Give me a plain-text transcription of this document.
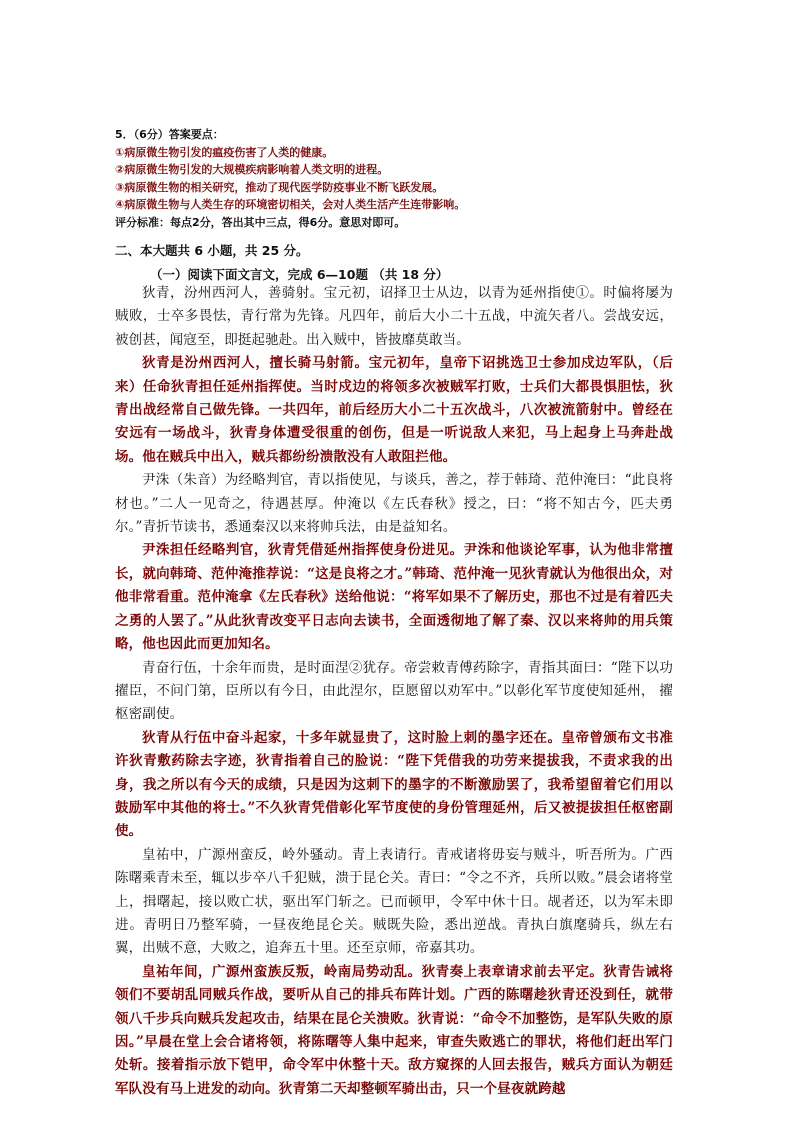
5．（6分）答案要点：

①病原微生物引发的瘟疫伤害了人类的健康。

②病原微生物引发的大规模疾病影响着人类文明的进程。

③病原微生物的相关研究，推动了现代医学防疫事业不断飞跃发展。

④病原微生物与人类生存的环境密切相关，会对人类生活产生连带影响。

评分标准：每点2分，答出其中三点，得6分。意思对即可。

二、本大题共 6 小题，共 25 分。
（一）阅读下面文言文，完成 6—10题 （共 18 分）

狄青，汾州西河人，善骑射。宝元初，诏择卫士从边，以青为延州指使①。时偏将屡为贼败，士卒多畏怯，青行常为先锋。凡四年，前后大小二十五战，中流矢者八。尝战安远， 被创甚，闻寇至，即挺起驰赴。出入贼中，皆披靡莫敢当。

狄青是汾州西河人，擅长骑马射箭。宝元初年，皇帝下诏挑选卫士参加戍边军队，（后来）任命狄青担任延州指挥使。当时戍边的将领多次被贼军打败，士兵们大都畏惧胆怯，狄青出战经常自己做先锋。一共四年，前后经历大小二十五次战斗，八次被流箭射中。曾经在安远有一场战斗，狄青身体遭受很重的创伤，但是一听说敌人来犯，马上起身上马奔赴战场。他在贼兵中出入，贼兵都纷纷溃散没有人敢阻拦他。

尹洙（朱音）为经略判官，青以指使见，与谈兵，善之，荐于韩琦、范仲淹曰：“此良将材也。”二人一见奇之，待遇甚厚。仲淹以《左氏春秋》授之，曰：“将不知古今，匹夫勇尔。”青折节读书，悉通秦汉以来将帅兵法，由是益知名。

尹洙担任经略判官，狄青凭借延州指挥使身份进见。尹洙和他谈论军事，认为他非常擅长，就向韩琦、范仲淹推荐说：“这是良将之才。”韩琦、范仲淹一见狄青就认为他很出众，对他非常看重。范仲淹拿《左氏春秋》送给他说：“将军如果不了解历史，那也不过是有着匹夫之勇的人罢了。”从此狄青改变平日志向去读书，全面透彻地了解了秦、汉以来将帅的用兵策略，他也因此而更加知名。

青奋行伍，十余年而贵，是时面涅②犹存。帝尝敕青傅药除字，青指其面曰：“陛下以功擢臣，不问门第，臣所以有今日，由此涅尔，臣愿留以劝军中。”以彰化军节度使知延州， 擢枢密副使。

狄青从行伍中奋斗起家，十多年就显贵了，这时脸上刺的墨字还在。皇帝曾颁布文书准许狄青敷药除去字迹，狄青指着自己的脸说：“陛下凭借我的功劳来提拔我，不责求我的出身，我之所以有今天的成绩，只是因为这刺下的墨字的不断激励罢了，我希望留着它们用以鼓励军中其他的将士。”不久狄青凭借彰化军节度使的身份管理延州，后又被提拔担任枢密副使。

皇祐中，广源州蛮反，岭外骚动。青上表请行。青戒诸将毋妄与贼斗，听吾所为。广西陈曙乘青未至，辄以步卒八千犯贼，溃于昆仑关。青曰：“令之不齐，兵所以败。”晨会诸将堂上，揖曙起，接以败亡状，驱出军门斩之。已而顿甲，令军中休十日。觇者还，以为军未即进。青明日乃整军骑，一昼夜绝昆仑关。贼既失险，悉出逆战。青执白旗麾骑兵，纵左右翼，出贼不意，大败之，追奔五十里。还至京师，帝嘉其功。

皇祐年间，广源州蛮族反叛，岭南局势动乱。狄青奏上表章请求前去平定。狄青告诫将领们不要胡乱同贼兵作战，要听从自己的排兵布阵计划。广西的陈曙趁狄青还没到任，就带领八千步兵向贼兵发起攻击，结果在昆仑关溃败。狄青说：“命令不加整饬，是军队失败的原因。”早晨在堂上会合诸将领，将陈曙等人集中起来，审查失败逃亡的罪状，将他们赶出军门处斩。接着指示放下铠甲，命令军中休整十天。敌方窥探的人回去报告，贼兵方面认为朝廷军队没有马上进发的动向。狄青第二天却整顿军骑出击，只一个昼夜就跨越
